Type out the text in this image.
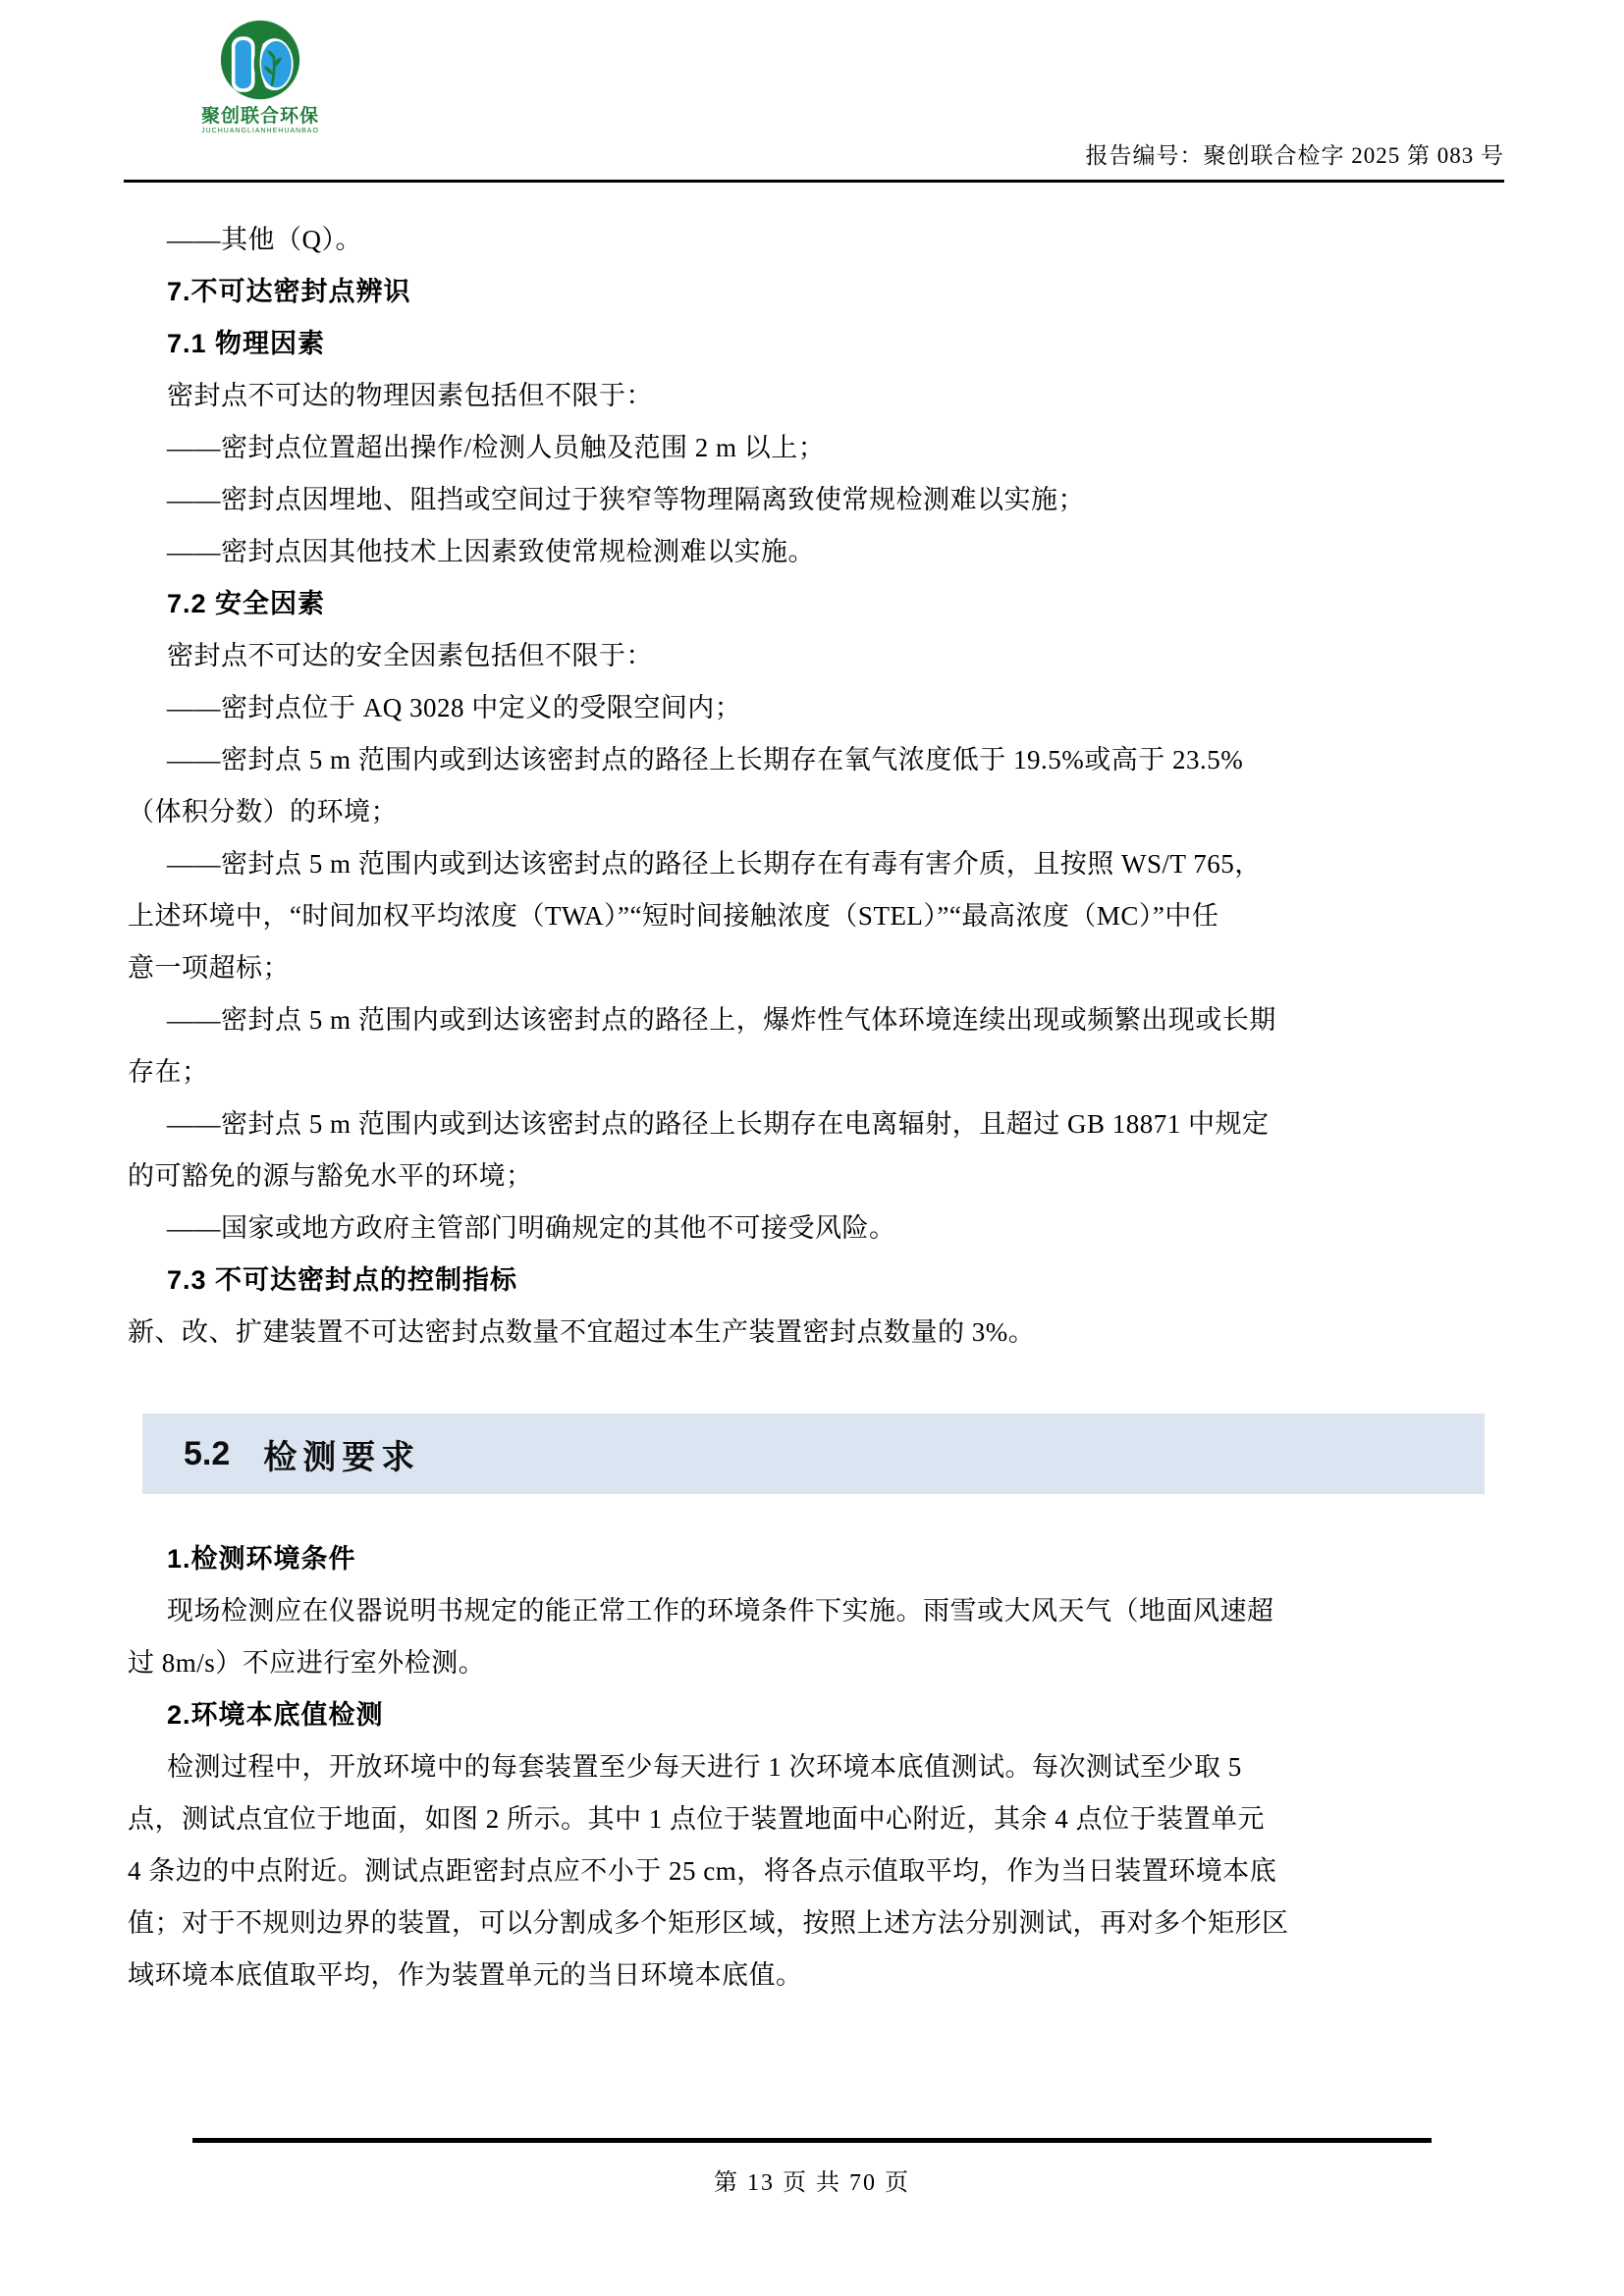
聚创联合环保
JUCHUANGLIANHEHUANBAO
报告编号：聚创联合检字 2025 第 083 号
——其他（Q）。
7.不可达密封点辨识
7.1 物理因素
密封点不可达的物理因素包括但不限于：
——密封点位置超出操作/检测人员触及范围 2 m 以上；
——密封点因埋地、阻挡或空间过于狭窄等物理隔离致使常规检测难以实施；
——密封点因其他技术上因素致使常规检测难以实施。
7.2 安全因素
密封点不可达的安全因素包括但不限于：
——密封点位于 AQ 3028 中定义的受限空间内；
——密封点 5 m 范围内或到达该密封点的路径上长期存在氧气浓度低于 19.5%或高于 23.5%
（体积分数）的环境；
——密封点 5 m 范围内或到达该密封点的路径上长期存在有毒有害介质，且按照 WS/T 765，
上述环境中，“时间加权平均浓度（TWA）”“短时间接触浓度（STEL）”“最高浓度（MC）”中任
意一项超标；
——密封点 5 m 范围内或到达该密封点的路径上，爆炸性气体环境连续出现或频繁出现或长期
存在；
——密封点 5 m 范围内或到达该密封点的路径上长期存在电离辐射，且超过 GB 18871 中规定
的可豁免的源与豁免水平的环境；
——国家或地方政府主管部门明确规定的其他不可接受风险。
7.3 不可达密封点的控制指标
新、改、扩建装置不可达密封点数量不宜超过本生产装置密封点数量的 3%。
5.2 检测要求
1.检测环境条件
现场检测应在仪器说明书规定的能正常工作的环境条件下实施。雨雪或大风天气（地面风速超
过 8m/s）不应进行室外检测。
2.环境本底值检测
检测过程中，开放环境中的每套装置至少每天进行 1 次环境本底值测试。每次测试至少取 5
点，测试点宜位于地面，如图 2 所示。其中 1 点位于装置地面中心附近，其余 4 点位于装置单元
4 条边的中点附近。测试点距密封点应不小于 25 cm，将各点示值取平均，作为当日装置环境本底
值；对于不规则边界的装置，可以分割成多个矩形区域，按照上述方法分别测试，再对多个矩形区
域环境本底值取平均，作为装置单元的当日环境本底值。
第 13 页 共 70 页
